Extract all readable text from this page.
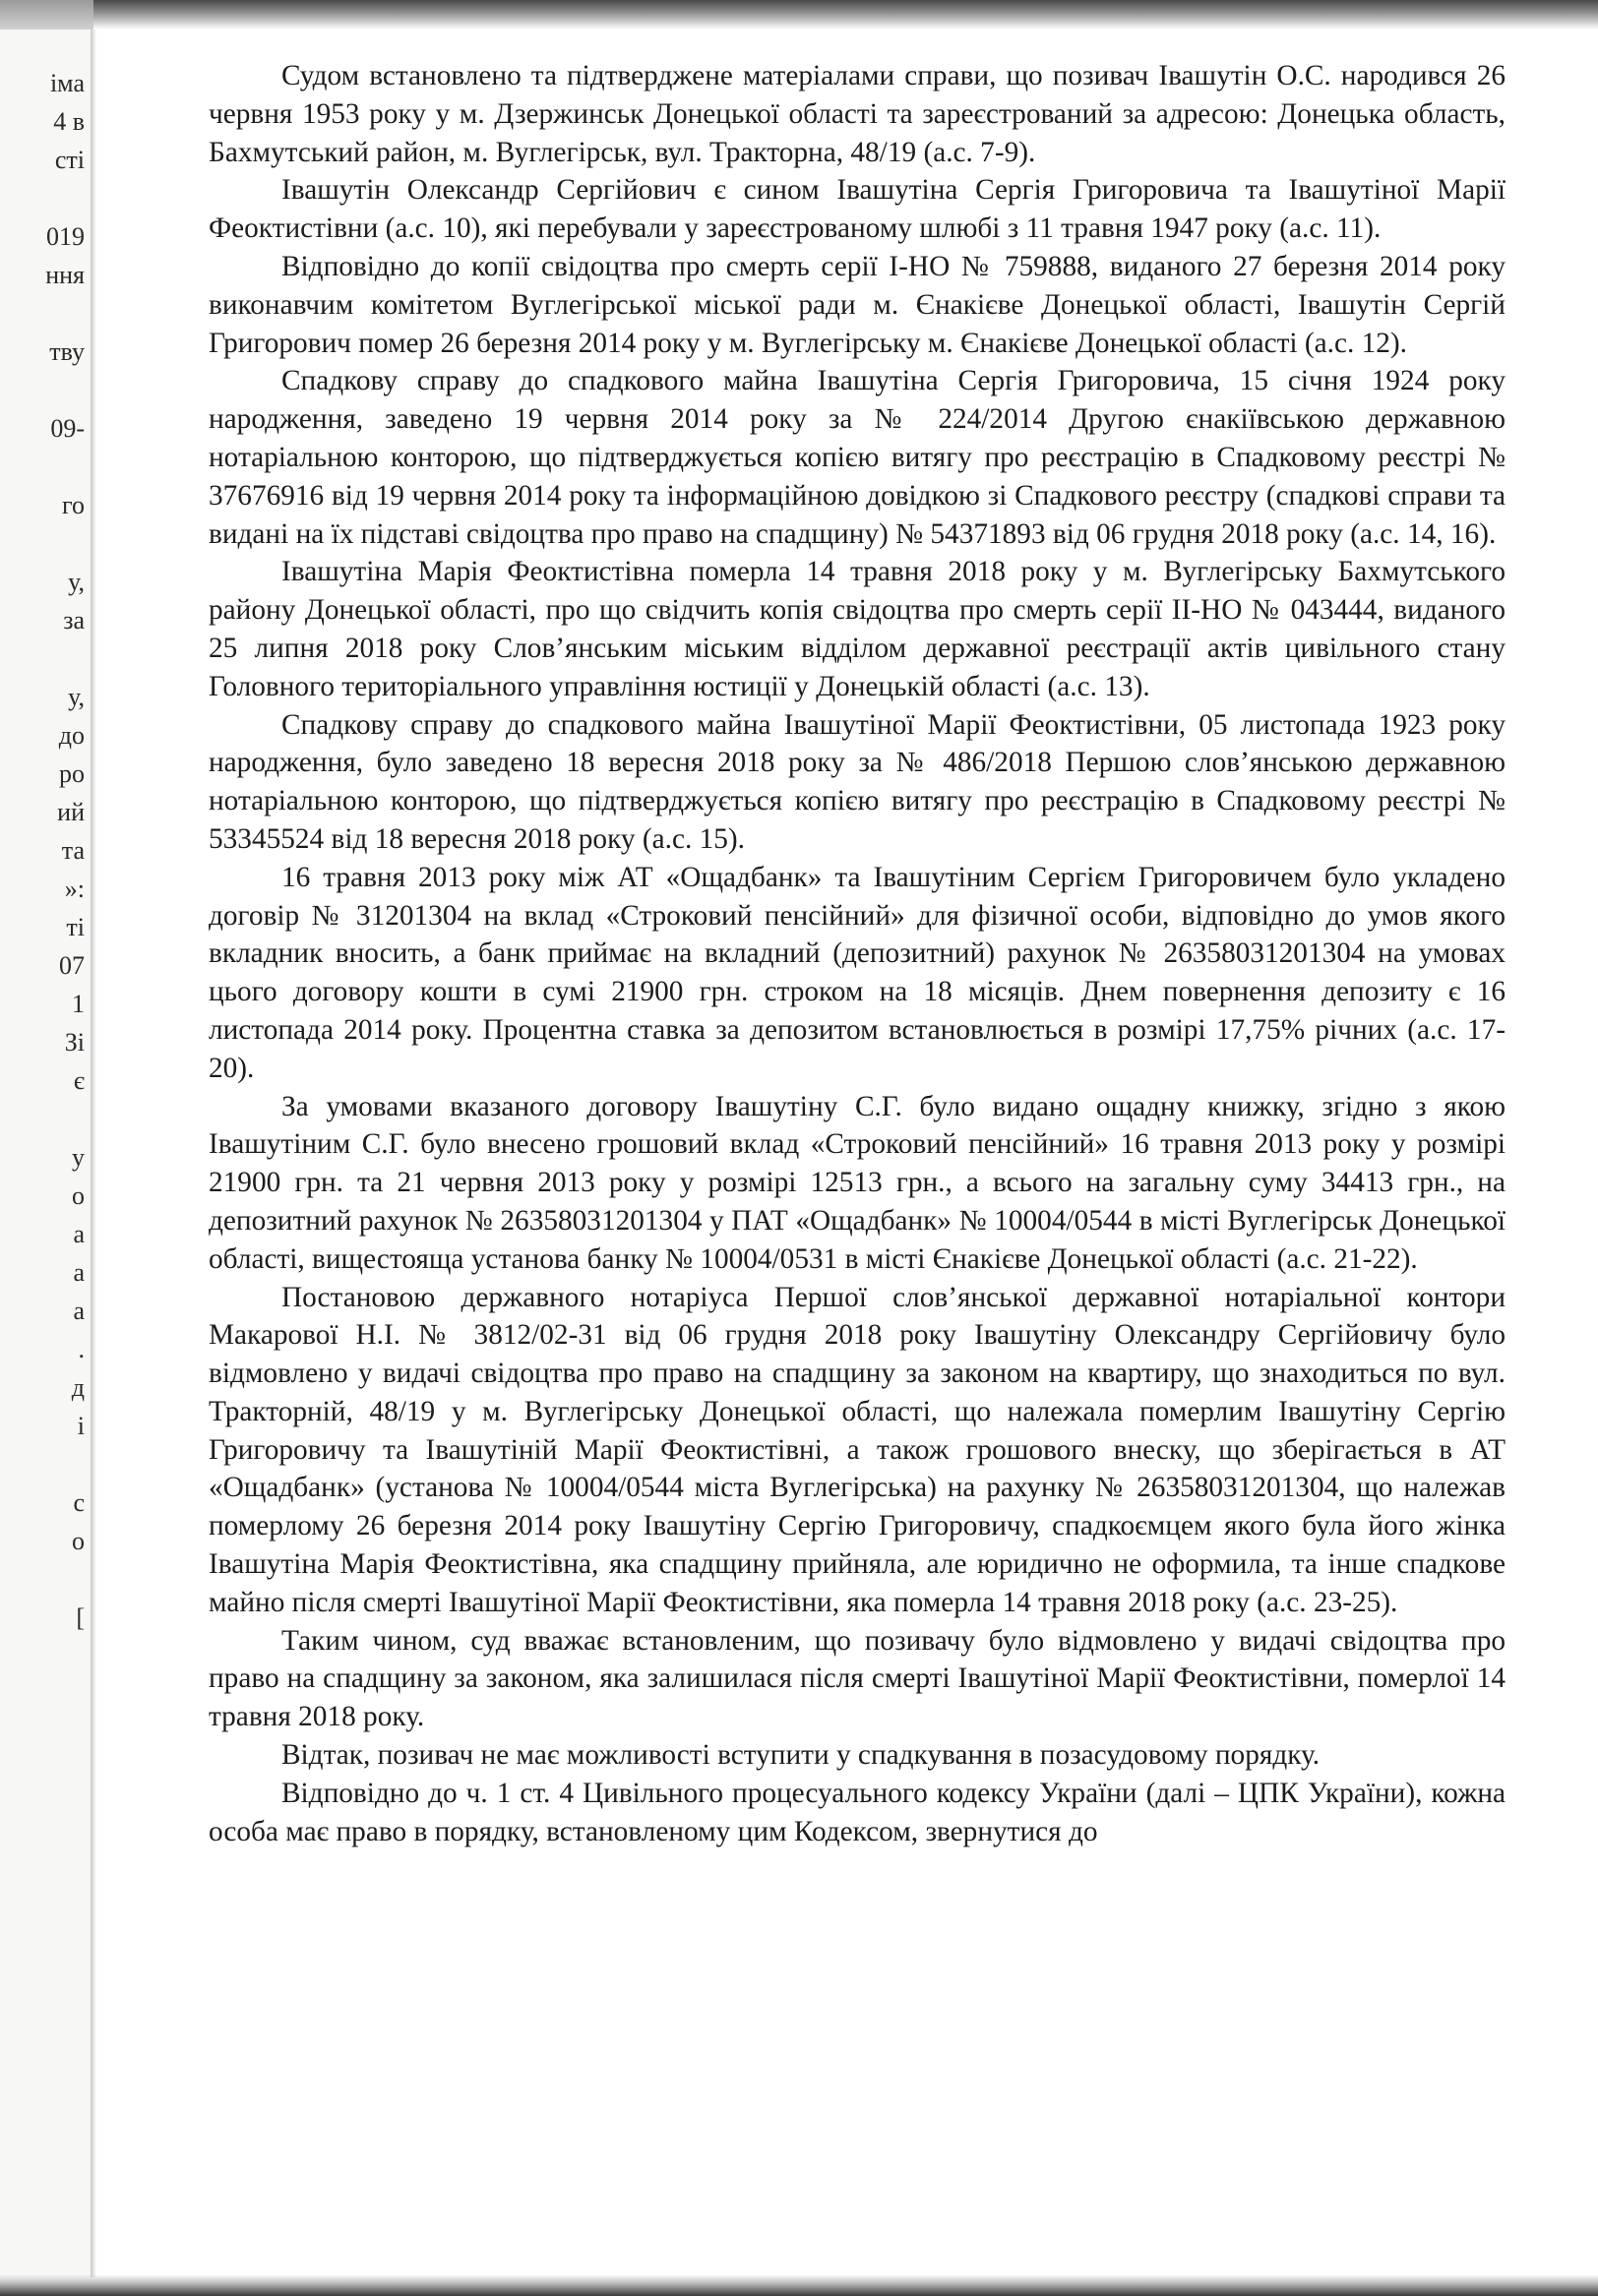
іма
4 в
сті
019
ння
тву
09-
го
у,
за
у,
до
ро
ий
та
»:
ті
07
1
Зі
є
у
о
а
а
а
.
д
і
с
о
[

Судом встановлено та підтверджене матеріалами справи, що позивач Івашутін О.С. народився 26 червня 1953 року у м. Дзержинськ Донецької області та зареєстрований за адресою: Донецька область, Бахмутський район, м. Вуглегірськ, вул. Тракторна, 48/19 (а.с. 7-9).

Івашутін Олександр Сергійович є сином Івашутіна Сергія Григоровича та Івашутіної Марії Феоктистівни (а.с. 10), які перебували у зареєстрованому шлюбі з 11 травня 1947 року (а.с. 11).

Відповідно до копії свідоцтва про смерть серії І-НО № 759888, виданого 27 березня 2014 року виконавчим комітетом Вуглегірської міської ради м. Єнакієве Донецької області, Івашутін Сергій Григорович помер 26 березня 2014 року у м. Вуглегірську м. Єнакієве Донецької області (а.с. 12).

Спадкову справу до спадкового майна Івашутіна Сергія Григоровича, 15 січня 1924 року народження, заведено 19 червня 2014 року за № 224/2014 Другою єнакіївською державною нотаріальною конторою, що підтверджується копією витягу про реєстрацію в Спадковому реєстрі № 37676916 від 19 червня 2014 року та інформаційною довідкою зі Спадкового реєстру (спадкові справи та видані на їх підставі свідоцтва про право на спадщину) № 54371893 від 06 грудня 2018 року (а.с. 14, 16).

Івашутіна Марія Феоктистівна померла 14 травня 2018 року у м. Вуглегірську Бахмутського району Донецької області, про що свідчить копія свідоцтва про смерть серії ІІ-НО № 043444, виданого 25 липня 2018 року Слов’янським міським відділом державної реєстрації актів цивільного стану Головного територіального управління юстиції у Донецькій області (а.с. 13).

Спадкову справу до спадкового майна Івашутіної Марії Феоктистівни, 05 листопада 1923 року народження, було заведено 18 вересня 2018 року за № 486/2018 Першою слов’янською державною нотаріальною конторою, що підтверджується копією витягу про реєстрацію в Спадковому реєстрі № 53345524 від 18 вересня 2018 року (а.с. 15).

16 травня 2013 року між АТ «Ощадбанк» та Івашутіним Сергієм Григоровичем було укладено договір № 31201304 на вклад «Строковий пенсійний» для фізичної особи, відповідно до умов якого вкладник вносить, а банк приймає на вкладний (депозитний) рахунок № 26358031201304 на умовах цього договору кошти в сумі 21900 грн. строком на 18 місяців. Днем повернення депозиту є 16 листопада 2014 року. Процентна ставка за депозитом встановлюється в розмірі 17,75% річних (а.с. 17-20).

За умовами вказаного договору Івашутіну С.Г. було видано ощадну книжку, згідно з якою Івашутіним С.Г. було внесено грошовий вклад «Строковий пенсійний» 16 травня 2013 року у розмірі 21900 грн. та 21 червня 2013 року у розмірі 12513 грн., а всього на загальну суму 34413 грн., на депозитний рахунок № 26358031201304 у ПАТ «Ощадбанк» № 10004/0544 в місті Вуглегірськ Донецької області, вищестояща установа банку № 10004/0531 в місті Єнакієве Донецької області (а.с. 21-22).

Постановою державного нотаріуса Першої слов’янської державної нотаріальної контори Макарової Н.І. № 3812/02-31 від 06 грудня 2018 року Івашутіну Олександру Сергійовичу було відмовлено у видачі свідоцтва про право на спадщину за законом на квартиру, що знаходиться по вул. Тракторній, 48/19 у м. Вуглегірську Донецької області, що належала померлим Івашутіну Сергію Григоровичу та Івашутіній Марії Феоктистівні, а також грошового внеску, що зберігається в АТ «Ощадбанк» (установа № 10004/0544 міста Вуглегірська) на рахунку № 26358031201304, що належав померлому 26 березня 2014 року Івашутіну Сергію Григоровичу, спадкоємцем якого була його жінка Івашутіна Марія Феоктистівна, яка спадщину прийняла, але юридично не оформила, та інше спадкове майно після смерті Івашутіної Марії Феоктистівни, яка померла 14 травня 2018 року (а.с. 23-25).

Таким чином, суд вважає встановленим, що позивачу було відмовлено у видачі свідоцтва про право на спадщину за законом, яка залишилася після смерті Івашутіної Марії Феоктистівни, померлої 14 травня 2018 року.

Відтак, позивач не має можливості вступити у спадкування в позасудовому порядку.

Відповідно до ч. 1 ст. 4 Цивільного процесуального кодексу України (далі – ЦПК України), кожна особа має право в порядку, встановленому цим Кодексом, звернутися до
